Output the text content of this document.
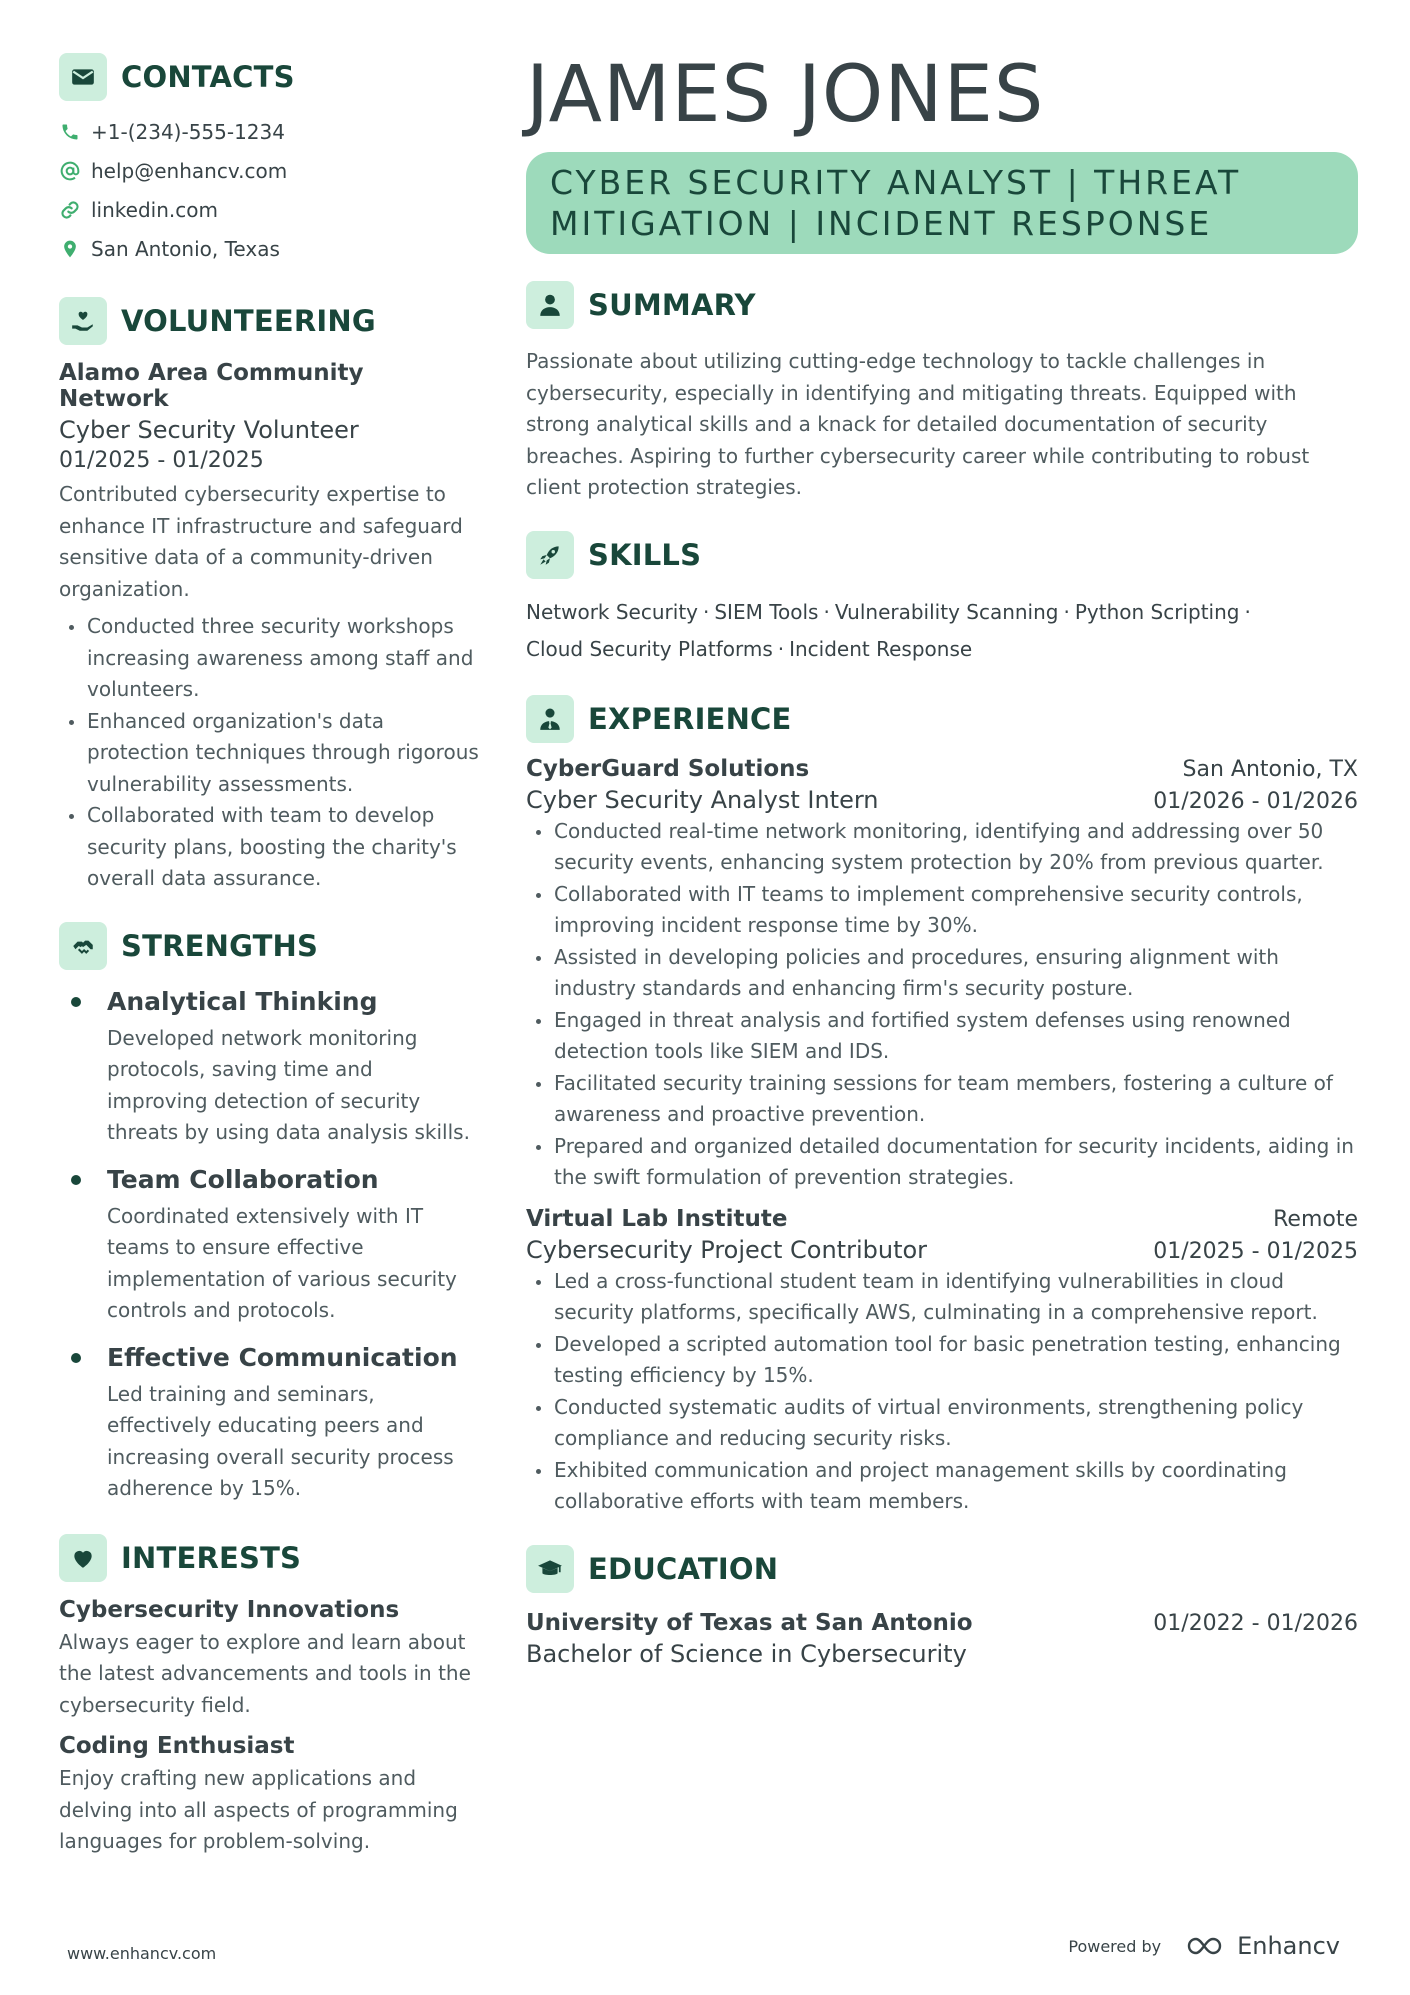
CONTACTS
+1-(234)-555-1234
help@enhancv.com
linkedin.com
San Antonio, Texas
VOLUNTEERING
Alamo Area Community Network
Cyber Security Volunteer
01/2025 - 01/2025
Contributed cybersecurity expertise to enhance IT infrastructure and safeguard sensitive data of a community-driven organization.
Conducted three security workshops increasing awareness among staff and volunteers.
Enhanced organization's data protection techniques through rigorous vulnerability assessments.
Collaborated with team to develop security plans, boosting the charity's overall data assurance.
STRENGTHS
Analytical Thinking
Developed network monitoring protocols, saving time and improving detection of security threats by using data analysis skills.
Team Collaboration
Coordinated extensively with IT teams to ensure effective implementation of various security controls and protocols.
Effective Communication
Led training and seminars, effectively educating peers and increasing overall security process adherence by 15%.
INTERESTS
Cybersecurity Innovations
Always eager to explore and learn about the latest advancements and tools in the cybersecurity field.
Coding Enthusiast
Enjoy crafting new applications and delving into all aspects of programming languages for problem-solving.
JAMES JONES
CYBER SECURITY ANALYST | THREAT MITIGATION | INCIDENT RESPONSE
SUMMARY
Passionate about utilizing cutting-edge technology to tackle challenges in cybersecurity, especially in identifying and mitigating threats. Equipped with strong analytical skills and a knack for detailed documentation of security breaches. Aspiring to further cybersecurity career while contributing to robust client protection strategies.
SKILLS
Network Security · SIEM Tools · Vulnerability Scanning · Python Scripting ·
Cloud Security Platforms · Incident Response
EXPERIENCE
CyberGuard Solutions	San Antonio, TX
Cyber Security Analyst Intern	01/2026 - 01/2026
Conducted real-time network monitoring, identifying and addressing over 50 security events, enhancing system protection by 20% from previous quarter.
Collaborated with IT teams to implement comprehensive security controls, improving incident response time by 30%.
Assisted in developing policies and procedures, ensuring alignment with industry standards and enhancing firm's security posture.
Engaged in threat analysis and fortified system defenses using renowned detection tools like SIEM and IDS.
Facilitated security training sessions for team members, fostering a culture of awareness and proactive prevention.
Prepared and organized detailed documentation for security incidents, aiding in the swift formulation of prevention strategies.
Virtual Lab Institute	Remote
Cybersecurity Project Contributor	01/2025 - 01/2025
Led a cross-functional student team in identifying vulnerabilities in cloud security platforms, specifically AWS, culminating in a comprehensive report.
Developed a scripted automation tool for basic penetration testing, enhancing testing efficiency by 15%.
Conducted systematic audits of virtual environments, strengthening policy compliance and reducing security risks.
Exhibited communication and project management skills by coordinating collaborative efforts with team members.
EDUCATION
University of Texas at San Antonio	01/2022 - 01/2026
Bachelor of Science in Cybersecurity
www.enhancv.com	Powered by	Enhancv
